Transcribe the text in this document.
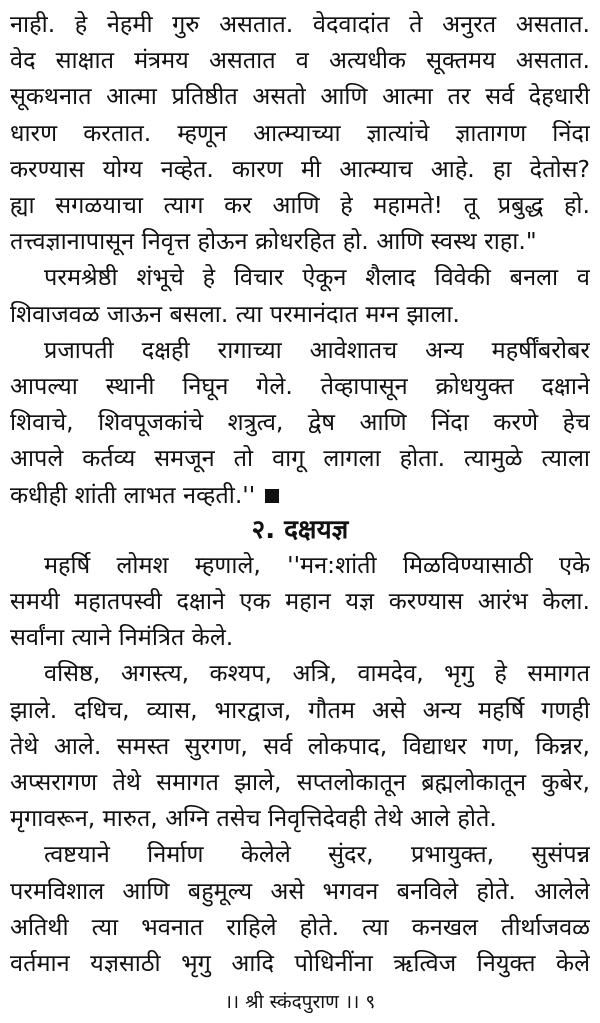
नाही. हे नेहमी गुरु असतात. वेदवादांत ते अनुरत असतात.
वेद साक्षात मंत्रमय असतात व अत्यधीक सूक्तमय असतात.
सूकथनात आत्मा प्रतिष्ठीत असतो आणि आत्मा तर सर्व देहधारी
धारण करतात. म्हणून आत्म्याच्या ज्ञात्यांचे ज्ञातागण निंदा
करण्यास योग्य नव्हेत. कारण मी आत्म्याच आहे. हा देतोस?
ह्या सगळयाचा त्याग कर आणि हे महामते! तू प्रबुद्ध हो.
तत्त्वज्ञानापासून निवृत्त होऊन क्रोधरहित हो. आणि स्वस्थ राहा."
परमश्रेष्ठी शंभूचे हे विचार ऐकून शैलाद विवेकी बनला व
शिवाजवळ जाऊन बसला. त्या परमानंदात मग्न झाला.
प्रजापती दक्षही रागाच्या आवेशातच अन्य महर्षींबरोबर
आपल्या स्थानी निघून गेले. तेव्हापासून क्रोधयुक्त दक्षाने
शिवाचे, शिवपूजकांचे शत्रुत्व, द्वेष आणि निंदा करणे हेच
आपले कर्तव्य समजून तो वागू लागला होता. त्यामुळे त्याला
कधीही शांती लाभत नव्हती.''
२. दक्षयज्ञ
महर्षि लोमश म्हणाले, ''मन:शांती मिळविण्यासाठी एके
समयी महातपस्वी दक्षाने एक महान यज्ञ करण्यास आरंभ केला.
सर्वांना त्याने निमंत्रित केले.
वसिष्ठ, अगस्त्य, कश्यप, अत्रि, वामदेव, भृगु हे समागत
झाले. दधिच, व्यास, भारद्वाज, गौतम असे अन्य महर्षि गणही
तेथे आले. समस्त सुरगण, सर्व लोकपाद, विद्याधर गण, किन्नर,
अप्सरागण तेथे समागत झाले, सप्तलोकातून ब्रह्मलोकातून कुबेर,
मृगावरून, मारुत, अग्नि तसेच निवृत्तिदेवही तेथे आले होते.
त्वष्टयाने निर्माण केलेले सुंदर, प्रभायुक्त, सुसंपन्न
परमविशाल आणि बहुमूल्य असे भगवन बनविले होते. आलेले
अतिथी त्या भवनात राहिले होते. त्या कनखल तीर्थाजवळ
वर्तमान यज्ञसाठी भृगु आदि पोधिनींना ऋत्विज नियुक्त केले
।। श्री स्कंदपुराण ।। ९
